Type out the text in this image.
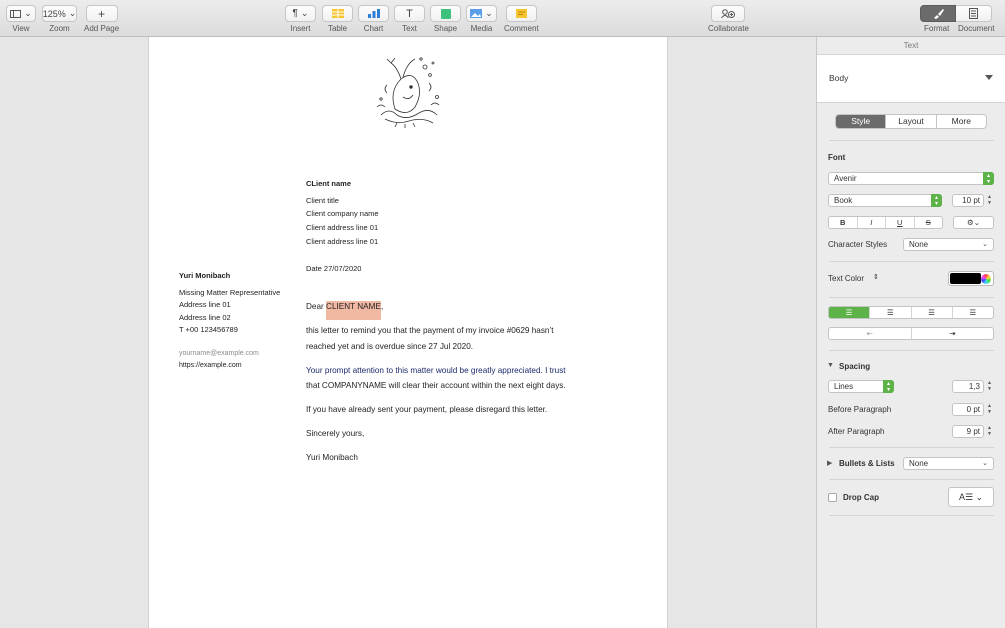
⌄
View
125% ⌄
Zoom
+
Add Page
¶ ⌄
Insert Table Chart
T
Text Shape
⌄
Media Comment	Collaborate	Format Document
CLient name
Client title
Client company name
Client address line 01
Client address line 01
Date 27/07/2020
Yuri Monibach
Missing Matter Representative
Address line 01
Address line 02
T +00 123456789
yourname@example.com
https://example.com
Dear CLIENT NAME,
this letter to remind you that the payment of my invoice #0629 hasn’t
reached yet and is overdue since 27 Jul 2020.
Your prompt attention to this matter would be greatly appreciated. I trust
that COMPANYNAME will clear their account within the next eight days.
If you have already sent your payment, please disregard this letter.
Sincerely yours,
Yuri Monibach
Text
Body
Style	Layout	More
Font
Avenir	▴
▾
Book	▴
▾	10 pt	▲
▼
B	I	U	S	⚙⌄
Character Styles	None	⌄
Text Color ⇕
☰	☰	☰	☰
⇤	⇥
▼ Spacing
Lines	▴
▾	1,3	▲
▼
Before Paragraph	0 pt	▲
▼
After Paragraph	9 pt	▲
▼
▶ Bullets & Lists	None	⌄
Drop Cap	A☰ ⌄
